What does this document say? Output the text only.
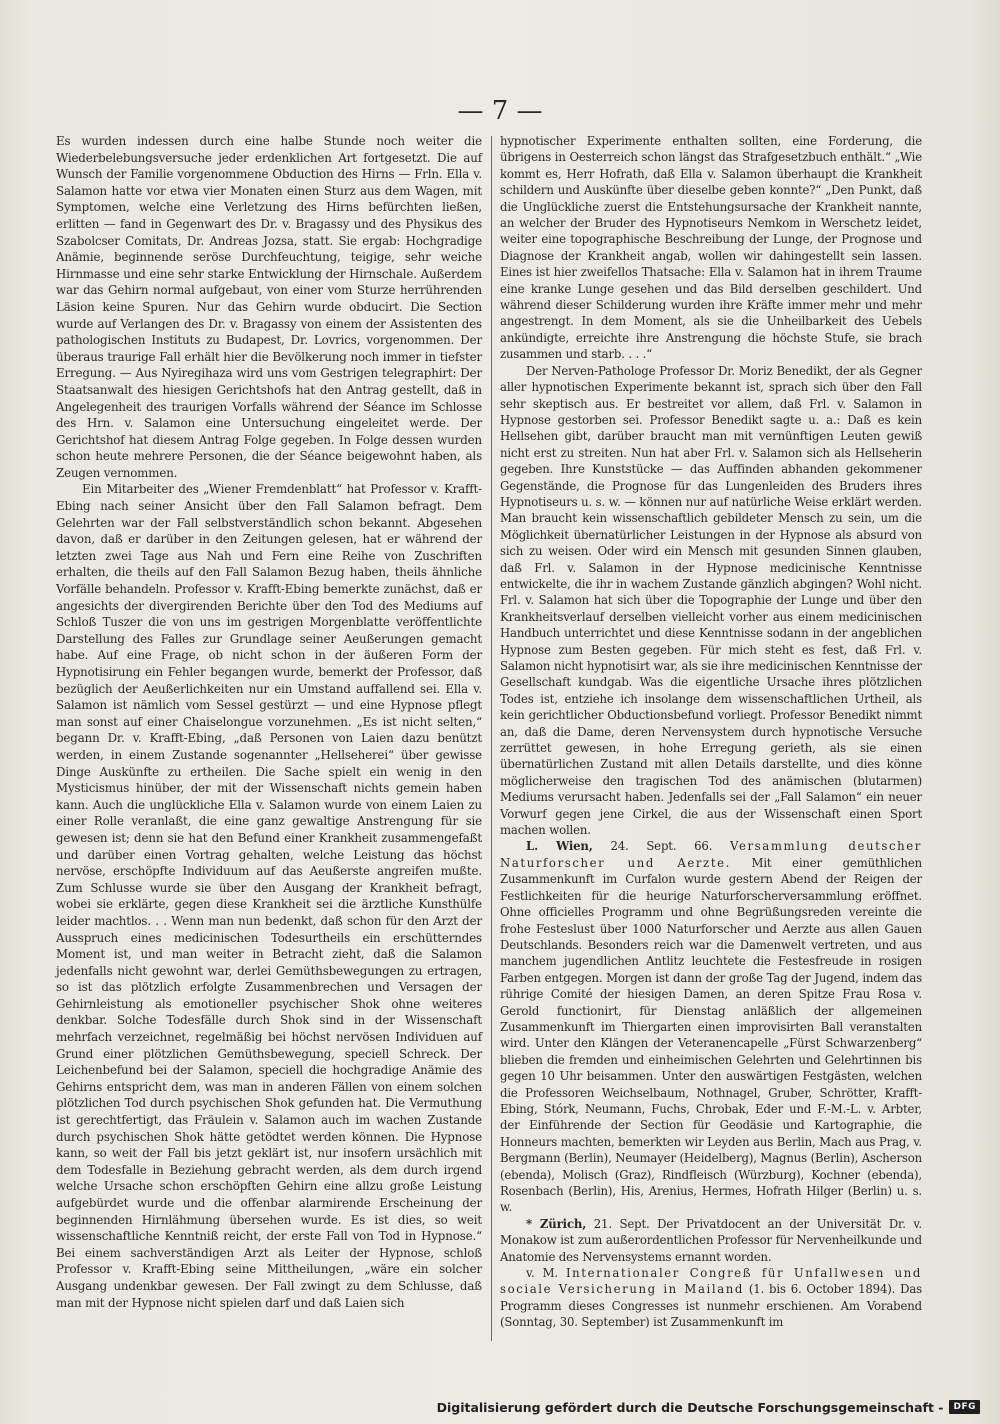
— 7 —

Es wurden indessen durch eine halbe Stunde noch weiter die Wiederbelebungsversuche jeder erdenklichen Art fortgesetzt. Die auf Wunsch der Familie vorgenommene Obduction des Hirns — Frln. Ella v. Salamon hatte vor etwa vier Monaten einen Sturz aus dem Wagen, mit Symptomen, welche eine Verletzung des Hirns befürchten ließen, erlitten — fand in Gegenwart des Dr. v. Bragassy und des Physikus des Szabolcser Comitats, Dr. Andreas Jozsa, statt. Sie ergab: Hochgradige Anämie, beginnende seröse Durchfeuchtung, teigige, sehr weiche Hirnmasse und eine sehr starke Entwicklung der Hirnschale. Außerdem war das Gehirn normal aufgebaut, von einer vom Sturze herrührenden Läsion keine Spuren. Nur das Gehirn wurde obducirt. Die Section wurde auf Verlangen des Dr. v. Bragassy von einem der Assistenten des pathologischen Instituts zu Budapest, Dr. Lovrics, vorgenommen. Der überaus traurige Fall erhält hier die Bevölkerung noch immer in tiefster Erregung. — Aus Nyiregihaza wird uns vom Gestrigen telegraphirt: Der Staatsanwalt des hiesigen Gerichtshofs hat den Antrag gestellt, daß in Angelegenheit des traurigen Vorfalls während der Séance im Schlosse des Hrn. v. Salamon eine Untersuchung eingeleitet werde. Der Gerichtshof hat diesem Antrag Folge gegeben. In Folge dessen wurden schon heute mehrere Personen, die der Séance beigewohnt haben, als Zeugen vernommen.

Ein Mitarbeiter des „Wiener Fremdenblatt“ hat Professor v. Krafft-Ebing nach seiner Ansicht über den Fall Salamon befragt. Dem Gelehrten war der Fall selbstverständlich schon bekannt. Abgesehen davon, daß er darüber in den Zeitungen gelesen, hat er während der letzten zwei Tage aus Nah und Fern eine Reihe von Zuschriften erhalten, die theils auf den Fall Salamon Bezug haben, theils ähnliche Vorfälle behandeln. Professor v. Krafft-Ebing bemerkte zunächst, daß er angesichts der divergirenden Berichte über den Tod des Mediums auf Schloß Tuszer die von uns im gestrigen Morgenblatte veröffentlichte Darstellung des Falles zur Grundlage seiner Aeußerungen gemacht habe. Auf eine Frage, ob nicht schon in der äußeren Form der Hypnotisirung ein Fehler begangen wurde, bemerkt der Professor, daß bezüglich der Aeußerlichkeiten nur ein Umstand auffallend sei. Ella v. Salamon ist nämlich vom Sessel gestürzt — und eine Hypnose pflegt man sonst auf einer Chaiselongue vorzunehmen. „Es ist nicht selten,“ begann Dr. v. Krafft-Ebing, „daß Personen von Laien dazu benützt werden, in einem Zustande sogenannter „Hellseherei“ über gewisse Dinge Auskünfte zu ertheilen. Die Sache spielt ein wenig in den Mysticismus hinüber, der mit der Wissenschaft nichts gemein haben kann. Auch die unglückliche Ella v. Salamon wurde von einem Laien zu einer Rolle veranlaßt, die eine ganz gewaltige Anstrengung für sie gewesen ist; denn sie hat den Befund einer Krankheit zusammengefaßt und darüber einen Vortrag gehalten, welche Leistung das höchst nervöse, erschöpfte Individuum auf das Aeußerste angreifen mußte. Zum Schlusse wurde sie über den Ausgang der Krankheit befragt, wobei sie erklärte, gegen diese Krankheit sei die ärztliche Kunsthülfe leider machtlos. . . Wenn man nun bedenkt, daß schon für den Arzt der Ausspruch eines medicinischen Todesurtheils ein erschütterndes Moment ist, und man weiter in Betracht zieht, daß die Salamon jedenfalls nicht gewohnt war, derlei Gemüthsbewegungen zu ertragen, so ist das plötzlich erfolgte Zusammenbrechen und Versagen der Gehirnleistung als emotioneller psychischer Shok ohne weiteres denkbar. Solche Todesfälle durch Shok sind in der Wissenschaft mehrfach verzeichnet, regelmäßig bei höchst nervösen Individuen auf Grund einer plötzlichen Gemüthsbewegung, speciell Schreck. Der Leichenbefund bei der Salamon, speciell die hochgradige Anämie des Gehirns entspricht dem, was man in anderen Fällen von einem solchen plötzlichen Tod durch psychischen Shok gefunden hat. Die Vermuthung ist gerechtfertigt, das Fräulein v. Salamon auch im wachen Zustande durch psychischen Shok hätte getödtet werden können. Die Hypnose kann, so weit der Fall bis jetzt geklärt ist, nur insofern ursächlich mit dem Todesfalle in Beziehung gebracht werden, als dem durch irgend welche Ursache schon erschöpften Gehirn eine allzu große Leistung aufgebürdet wurde und die offenbar alarmirende Erscheinung der beginnenden Hirnlähmung übersehen wurde. Es ist dies, so weit wissenschaftliche Kenntniß reicht, der erste Fall von Tod in Hypnose.“ Bei einem sachverständigen Arzt als Leiter der Hypnose, schloß Professor v. Krafft-Ebing seine Mittheilungen, „wäre ein solcher Ausgang undenkbar gewesen. Der Fall zwingt zu dem Schlusse, daß man mit der Hypnose nicht spielen darf und daß Laien sich

hypnotischer Experimente enthalten sollten, eine Forderung, die übrigens in Oesterreich schon längst das Strafgesetzbuch enthält.“ „Wie kommt es, Herr Hofrath, daß Ella v. Salamon überhaupt die Krankheit schildern und Auskünfte über dieselbe geben konnte?“ „Den Punkt, daß die Unglückliche zuerst die Entstehungsursache der Krankheit nannte, an welcher der Bruder des Hypnotiseurs Nemkom in Werschetz leidet, weiter eine topographische Beschreibung der Lunge, der Prognose und Diagnose der Krankheit angab, wollen wir dahingestellt sein lassen. Eines ist hier zweifellos Thatsache: Ella v. Salamon hat in ihrem Traume eine kranke Lunge gesehen und das Bild derselben geschildert. Und während dieser Schilderung wurden ihre Kräfte immer mehr und mehr angestrengt. In dem Moment, als sie die Unheilbarkeit des Uebels ankündigte, erreichte ihre Anstrengung die höchste Stufe, sie brach zusammen und starb. . . .“

Der Nerven-Pathologe Professor Dr. Moriz Benedikt, der als Gegner aller hypnotischen Experimente bekannt ist, sprach sich über den Fall sehr skeptisch aus. Er bestreitet vor allem, daß Frl. v. Salamon in Hypnose gestorben sei. Professor Benedikt sagte u. a.: Daß es kein Hellsehen gibt, darüber braucht man mit vernünftigen Leuten gewiß nicht erst zu streiten. Nun hat aber Frl. v. Salamon sich als Hellseherin gegeben. Ihre Kunststücke — das Auffinden abhanden gekommener Gegenstände, die Prognose für das Lungenleiden des Bruders ihres Hypnotiseurs u. s. w. — können nur auf natürliche Weise erklärt werden. Man braucht kein wissenschaftlich gebildeter Mensch zu sein, um die Möglichkeit übernatürlicher Leistungen in der Hypnose als absurd von sich zu weisen. Oder wird ein Mensch mit gesunden Sinnen glauben, daß Frl. v. Salamon in der Hypnose medicinische Kenntnisse entwickelte, die ihr in wachem Zustande gänzlich abgingen? Wohl nicht. Frl. v. Salamon hat sich über die Topographie der Lunge und über den Krankheitsverlauf derselben vielleicht vorher aus einem medicinischen Handbuch unterrichtet und diese Kenntnisse sodann in der angeblichen Hypnose zum Besten gegeben. Für mich steht es fest, daß Frl. v. Salamon nicht hypnotisirt war, als sie ihre medicinischen Kenntnisse der Gesellschaft kundgab. Was die eigentliche Ursache ihres plötzlichen Todes ist, entziehe ich insolange dem wissenschaftlichen Urtheil, als kein gerichtlicher Obductionsbefund vorliegt. Professor Benedikt nimmt an, daß die Dame, deren Nervensystem durch hypnotische Versuche zerrüttet gewesen, in hohe Erregung gerieth, als sie einen übernatürlichen Zustand mit allen Details darstellte, und dies könne möglicherweise den tragischen Tod des anämischen (blutarmen) Mediums verursacht haben. Jedenfalls sei der „Fall Salamon“ ein neuer Vorwurf gegen jene Cirkel, die aus der Wissenschaft einen Sport machen wollen.

L. Wien, 24. Sept. 66. Versammlung deutscher Naturforscher und Aerzte. Mit einer gemüthlichen Zusammenkunft im Curfalon wurde gestern Abend der Reigen der Festlichkeiten für die heurige Naturforscherversammlung eröffnet. Ohne officielles Programm und ohne Begrüßungsreden vereinte die frohe Festeslust über 1000 Naturforscher und Aerzte aus allen Gauen Deutschlands. Besonders reich war die Damenwelt vertreten, und aus manchem jugendlichen Antlitz leuchtete die Festesfreude in rosigen Farben entgegen. Morgen ist dann der große Tag der Jugend, indem das rührige Comité der hiesigen Damen, an deren Spitze Frau Rosa v. Gerold functionirt, für Dienstag anläßlich der allgemeinen Zusammenkunft im Thiergarten einen improvisirten Ball veranstalten wird. Unter den Klängen der Veteranencapelle „Fürst Schwarzenberg“ blieben die fremden und einheimischen Gelehrten und Gelehrtinnen bis gegen 10 Uhr beisammen. Unter den auswärtigen Festgästen, welchen die Professoren Weichselbaum, Nothnagel, Gruber, Schrötter, Krafft-Ebing, Stórk, Neumann, Fuchs, Chrobak, Eder und F.-M.-L. v. Arbter, der Einführende der Section für Geodäsie und Kartographie, die Honneurs machten, bemerkten wir Leyden aus Berlin, Mach aus Prag, v. Bergmann (Berlin), Neumayer (Heidelberg), Magnus (Berlin), Ascherson (ebenda), Molisch (Graz), Rindfleisch (Würzburg), Kochner (ebenda), Rosenbach (Berlin), His, Arenius, Hermes, Hofrath Hilger (Berlin) u. s. w.

* Zürich, 21. Sept. Der Privatdocent an der Universität Dr. v. Monakow ist zum außerordentlichen Professor für Nervenheilkunde und Anatomie des Nervensystems ernannt worden.

v. M. Internationaler Congreß für Unfallwesen und sociale Versicherung in Mailand (1. bis 6. October 1894). Das Programm dieses Congresses ist nunmehr erschienen. Am Vorabend (Sonntag, 30. September) ist Zusammenkunft im

Digitalisierung gefördert durch die Deutsche Forschungsgemeinschaft -	DFG
